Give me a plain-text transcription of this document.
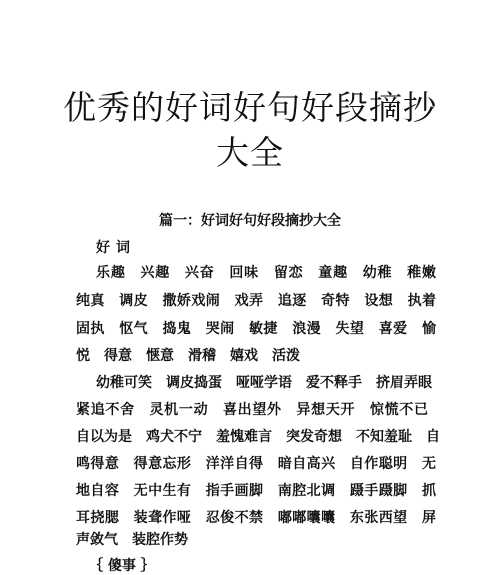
优秀的好词好句好段摘抄
大全
篇一：好词好句好段摘抄大全
好词
乐趣　兴趣　兴奋　回味　留恋　童趣　幼稚　稚嫩
纯真　调皮　撒娇戏闹　戏弄　追逐　奇特　设想　执着
固执　怄气　捣鬼　哭闹　敏捷　浪漫　失望　喜爱　愉
悦　得意　惬意　滑稽　嬉戏　活泼
幼稚可笑　调皮捣蛋　哑哑学语　爱不释手　挤眉弄眼
紧追不舍　灵机一动　喜出望外　异想天开　惊慌不已
自以为是　鸡犬不宁　羞愧难言　突发奇想　不知羞耻　自
鸣得意　得意忘形　洋洋自得　暗自高兴　自作聪明　无
地自容　无中生有　指手画脚　南腔北调　蹑手蹑脚　抓
耳挠腮　装聋作哑　忍俊不禁　嘟嘟囔囔　东张西望　屏
声敛气　装腔作势
｛ 傻事 ｝
